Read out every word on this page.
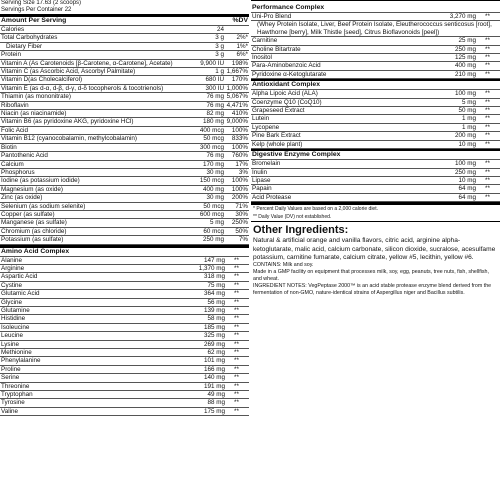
Serving Size 17.63 (2 scoops)
Servings Per Container 22
Amount Per Serving	%DV
Calories	24	
Total Carbohydrates	3 g	2%*
Dietary Fiber	3 g	1%*
Protein	3 g	6%*
Vitamin A (As Carotenoids [β-Carotene, α-Carotene], Acetate)	9,900 IU	198%
Vitamin C (as Ascorbic Acid, Ascorbyl Palmitate)	1 g	1,667%
Vitamin D(as Cholecalciferol)	680 IU	170%
Vitamin E (as d-α, d-β, d-γ, d-δ tocopherols & tocotrienols)	300 IU	1,000%
Thiamin (as mononitrate)	76 mg	5,067%
Riboflavin	76 mg	4,471%
Niacin (as niacinamide)	82 mg	410%
Vitamin B6 (as pyridoxine AKG, pyridoxine HCl)	180 mg	9,000%
Folic Acid	400 mcg	100%
Vitamin B12 (cyanocobalamin, methylcobalamin)	50 mcg	833%
Biotin	300 mcg	100%
Pantothenic Acid	76 mg	760%
Calcium	170 mg	17%
Phosphorus	30 mg	3%
Iodine (as potassium iodide)	150 mcg	100%
Magnesium (as oxide)	400 mg	100%
Zinc (as oxide)	30 mg	200%
Selenium (as sodium selenite)	50 mcg	71%
Copper (as sulfate)	600 mcg	30%
Manganese (as sulfate)	5 mg	250%
Chromium (as chloride)	60 mcg	50%
Potassium (as sulfate)	250 mg	7%
Amino Acid Complex
Alanine	147 mg	**
Arginine	1,370 mg	**
Aspartic Acid	318 mg	**
Cystine	75 mg	**
Glutamic Acid	364 mg	**
Glycine	56 mg	**
Glutamine	139 mg	**
Histidine	58 mg	**
Isoleucine	185 mg	**
Leucine	325 mg	**
Lysine	269 mg	**
Methionine	62 mg	**
Phenylalanine	101 mg	**
Proline	166 mg	**
Serine	140 mg	**
Threonine	191 mg	**
Tryptophan	49 mg	**
Tyrosine	88 mg	**
Valine	175 mg	**
Performance Complex
Uni-Pro Blend	3,270 mg	**
(Whey Protein Isolate, Liver, Beef Protein Isolate, Eleutherococcus senticosus [root], Hawthorne [berry], Milk Thistle [seed], Citrus Bioflavonoids [peel])		
Carnitine	25 mg	**
Choline Bitartrate	250 mg	**
Inositol	125 mg	**
Para-Aminobenzoic Acid	400 mg	**
Pyridoxine α-Ketoglutarate	210 mg	**
Antioxidant Complex
Alpha Lipoic Acid (ALA)	100 mg	**
Coenzyme Q10 (CoQ10)	5 mg	**
Grapeseed Extract	50 mg	**
Lutein	1 mg	**
Lycopene	1 mg	**
Pine Bark Extract	200 mg	**
Kelp (whole plant)	10 mg	**
Digestive Enzyme Complex
Bromelain	100 mg	**
Inulin	250 mg	**
Lipase	10 mg	**
Papain	64 mg	**
Acid Protease	64 mg	**
* Percent Daily Values are based on a 2,000 calorie diet.
** Daily Value (DV) not established.
Other Ingredients:
Natural & artificial orange and vanilla flavors, citric acid, arginine alpha-ketoglutarate, malic acid, calcium carbonate, silicon dioxide, sucralose, acesulfame potassium, carnitine fumarate, calcium citrate, yellow #5, lecithin, yellow #6.
CONTAINS: Milk and soy.
Made in a GMP facility on equipment that processes milk, soy, egg, peanuts, tree nuts, fish, shellfish, and wheat.
INGREDIENT NOTES: VegPeptase 2000™ is an acid stable protease enzyme blend derived from the fermentation of non-GMO, nature-identical strains of Aspergillus niger and Bacillus subtilis.
